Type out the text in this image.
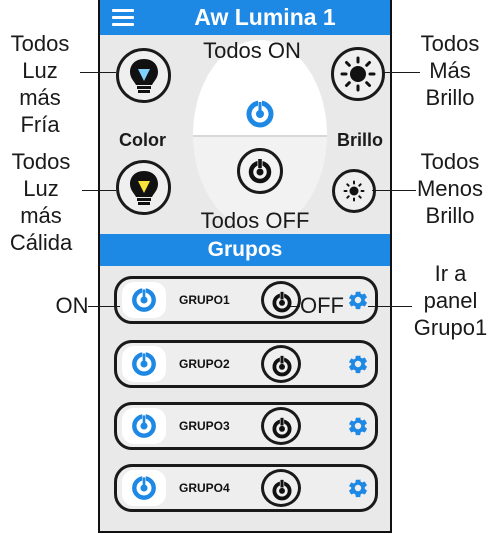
Aw Lumina 1
Color	Brillo
Grupos
GRUPO1
GRUPO2
GRUPO3
GRUPO4
Todos ON
Todos OFF
Todos
Luz más
Fría
Todos
Luz más
Cálida
ON
Todos
Más
Brillo
Todos
Menos
Brillo
OFF
Ir a
panel
Grupo1
